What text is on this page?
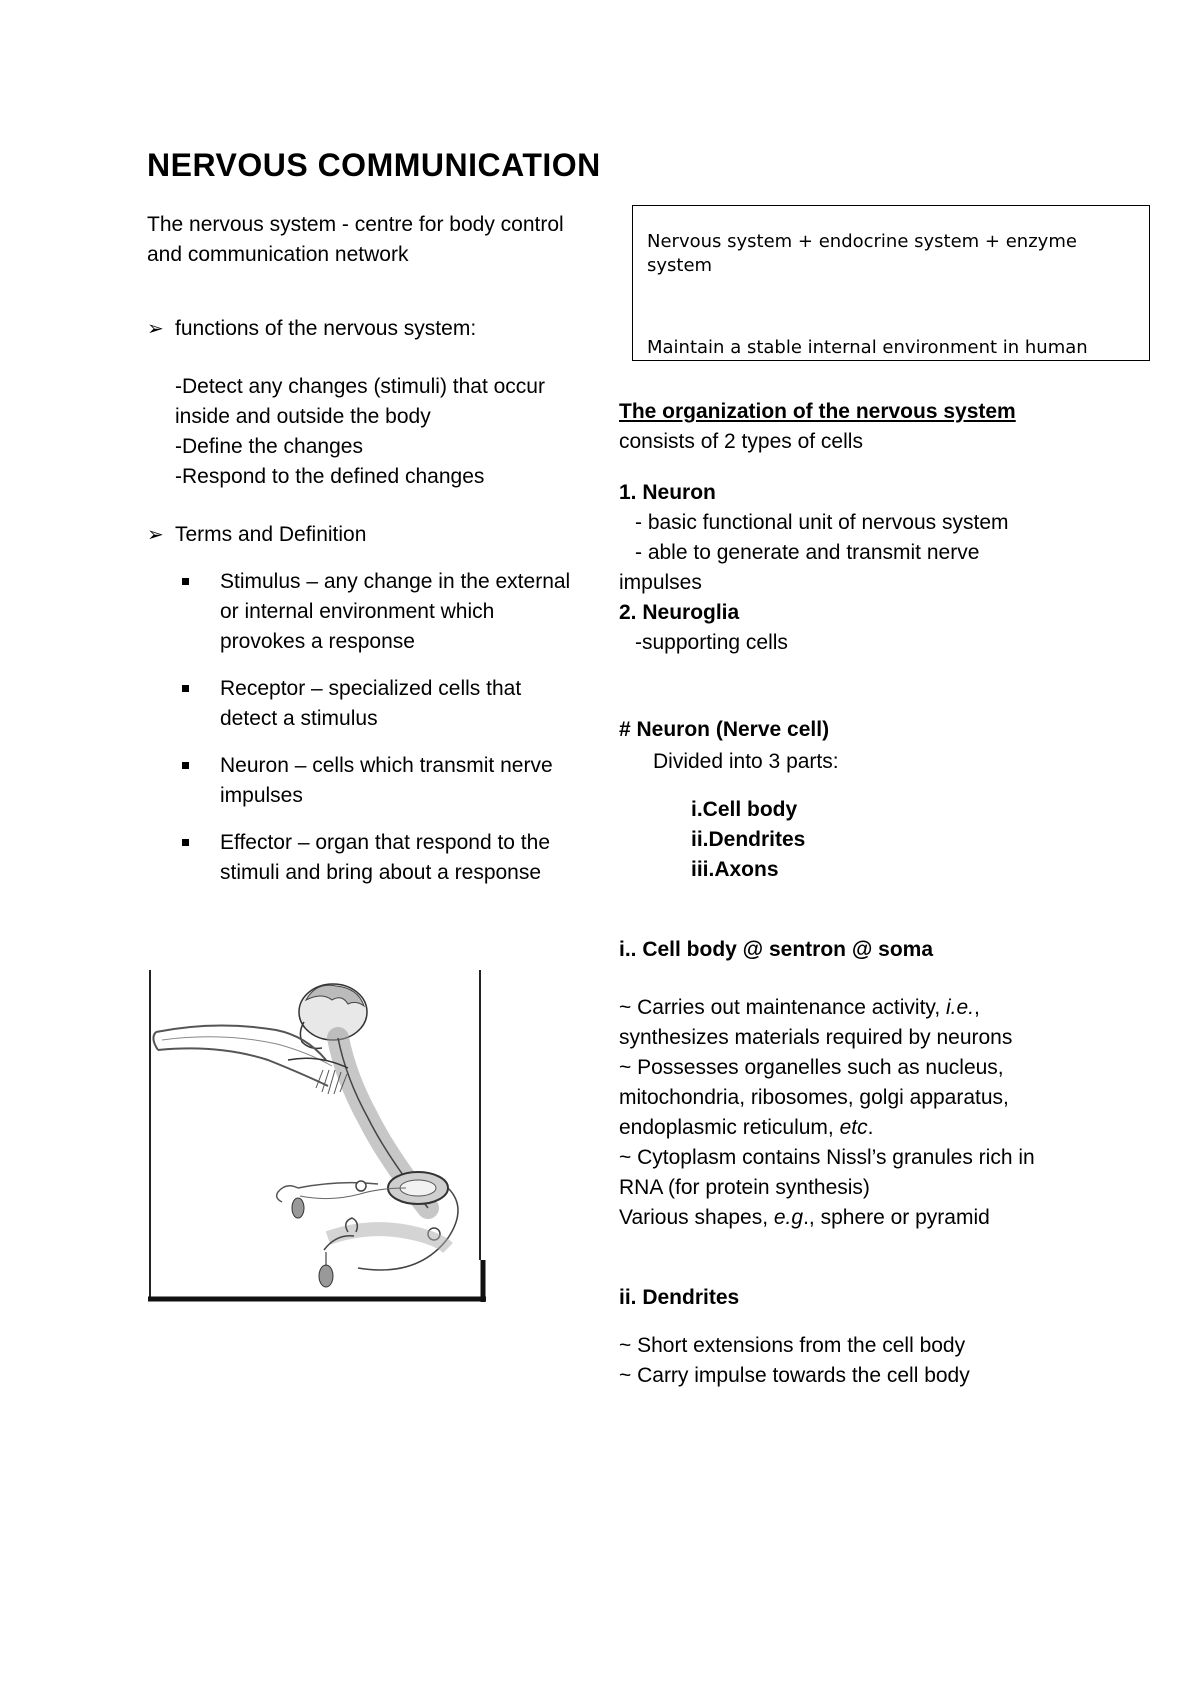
NERVOUS COMMUNICATION

The nervous system - centre for body control

and communication network

➢ functions of the nervous system:

-Detect any changes (stimuli) that occur

inside and outside the body

-Define the changes

-Respond to the defined changes

➢ Terms and Definition

Stimulus – any change in the external

or internal environment which

provokes a response

Receptor – specialized cells that

detect a stimulus

Neuron – cells which transmit nerve

impulses

Effector – organ that respond to the

stimuli and bring about a response

Nervous system + endocrine system + enzyme system

Maintain a stable internal environment in human

The organization of the nervous system

consists of 2 types of cells

1. Neuron

- basic functional unit of nervous system

- able to generate and transmit nerve

impulses

2. Neuroglia

-supporting cells

# Neuron (Nerve cell)

Divided into 3 parts:

i.Cell body

ii.Dendrites

iii.Axons

i.. Cell body @ sentron @ soma

~ Carries out maintenance activity, i.e.,

synthesizes materials required by neurons

~ Possesses organelles such as nucleus,

mitochondria, ribosomes, golgi apparatus,

endoplasmic reticulum, etc.

~ Cytoplasm contains Nissl’s granules rich in

RNA (for protein synthesis)

Various shapes, e.g., sphere or pyramid

ii. Dendrites

~ Short extensions from the cell body

~ Carry impulse towards the cell body
